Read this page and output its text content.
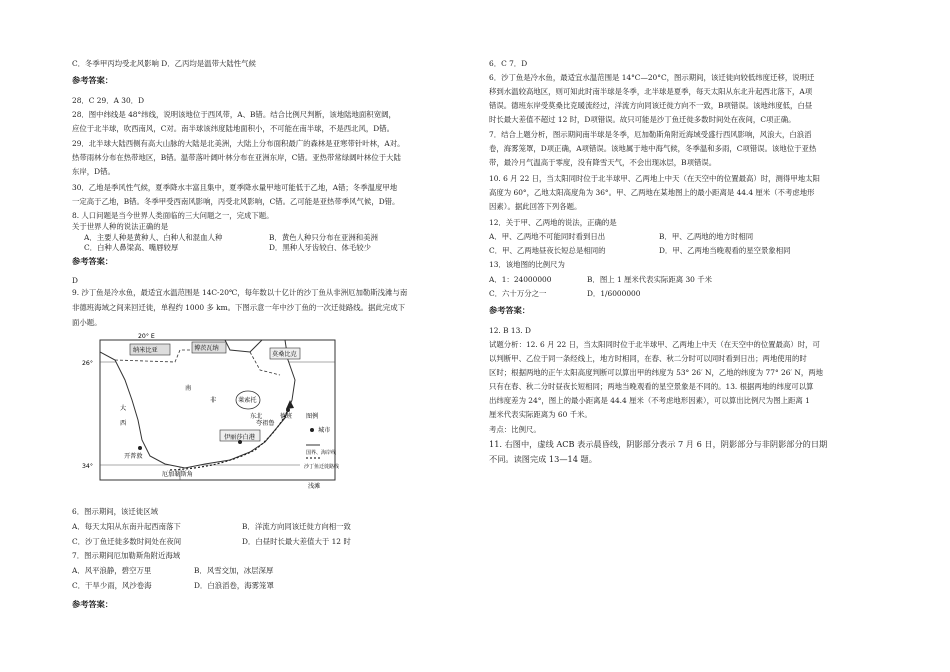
C．冬季甲丙均受北风影响 D．乙丙均是温带大陆性气候
参考答案：
28．C 29．A 30．D
28．图中纬线是 48°纬线，说明该地位于西风带，A、B错。结合比例尺判断，该地陆地面积宽阔，
应位于北半球，吹西南风，C对。南半球该纬度陆地面积小，不可能在南半球，不是西北风，D错。
29．北半球大陆西侧有高大山脉的大陆是北美洲，大陆上分布面积最广的森林是亚寒带针叶林，A对。
热带雨林分布在热带地区，B错。温带落叶阔叶林分布在亚洲东岸，C错。亚热带常绿阔叶林位于大陆
东岸，D错。
30．乙地是季风性气候，夏季降水丰富且集中，夏季降水量甲地可能低于乙地，A错；冬季温度甲地
一定高于乙地，B错。冬季甲受西南风影响，丙受北风影响，C错。乙可能是亚热带季风气候，D错。
8. 人口问题是当今世界人类面临的三大问题之一，完成下题。
关于世界人种的说法正确的是
A．主要人种是黄种人、白种人和混血人种	B．黄色人种只分布在亚洲和美洲
C．白种人鼻梁高、嘴唇较厚	D．黑种人牙齿较白、体毛较少
参考答案：
D
9. 沙丁鱼是冷水鱼，最适宜水温范围是 14C-20℃，每年数以十亿计的沙丁鱼从非洲厄加勒斯浅滩与南
非德班海域之间来回迁徙，单程约 1000 多 km。下图示意一年中沙丁鱼的一次迁徙路线。据此完成下
面小题。
6．图示期间，该迁徙区域
A．每天太阳从东南升起西南落下	B．洋流方向同该迁徙方向相一致
C．沙丁鱼迁徙多数时间处在夜间	D．白昼时长最大差值大于 12 时
7．图示期间厄加勒斯角附近海域
A．风平浪静，碧空万里	B．风雪交加，冰层深厚
C．干旱少雨，风沙卷海	D．白浪滔卷，海雾笼罩
参考答案：
20° E
26°
34°
纳米比亚	博茨瓦纳
莫桑比克
莱索托
南
非
大
西	夸祖鲁
德班
东北
伊丽莎白港
开普敦
厄加勒斯角
浅滩
图例
城市
国界、海岸线
沙丁鱼迁徙路线
6．C 7．D
6．沙丁鱼是冷水鱼，最适宜水温范围是 14°C—20°C，图示期间，该迁徙向较低纬度迁移，说明迁
移到水温较高地区，则可知此时南半球是冬季，北半球是夏季，每天太阳从东北升起西北落下，A项
错误。德班东岸受莫桑比克暖流经过，洋流方向同该迁徙方向不一致，B项错误。该地纬度低，白昼
时长最大差值不超过 12 时，D项错误。故只可能是沙丁鱼迁徙多数时间处在夜间，C项正确。
7．结合上题分析，图示期间南半球是冬季，厄加勒斯角附近海域受盛行西风影响，风浪大，白浪滔
卷，海雾笼罩，D项正确，A项错误。该地属于地中海气候，冬季温和多雨，C项错误。该地位于亚热
带，最冷月气温高于零度，没有降雪天气，不会出现冰层，B项错误。
10. 6 月 22 日，当太阳同时位于北半球甲、乙两地上中天（在天空中的位置最高）时，测得甲地太阳
高度为 60°，乙地太阳高度角为 36°。甲、乙两地在某地图上的最小距离是 44.4 厘米（不考虑地形
因素）。据此回答下列各题。
12．关于甲、乙两地的说法，正确的是
A．甲、乙两地不可能同时看到日出	B．甲、乙两地的地方时相同
C．甲、乙两地昼夜长短总是相同的	D．甲、乙两地当晚观看的星空景象相同
13．该地图的比例尺为
A．1：24000000	B．图上 1 厘米代表实际距离 30 千米
C．六十万分之一	D．1/6000000
参考答案：
12. B 13. D
试题分析：12. 6 月 22 日，当太阳同时位于北半球甲、乙两地上中天（在天空中的位置最高）时，可
以判断甲、乙位于同一条经线上，地方时相同，在春、秋二分时可以同时看到日出；两地使用的时
区时；根据两地的正午太阳高度判断可以算出甲的纬度为 53° 26′ N，乙地的纬度为 77° 26′ N，两地
只有在春、秋二分时昼夜长短相同；两地当晚观看的星空景象是不同的。13. 根据两地的纬度可以算
出纬度差为 24°，图上的最小距离是 44.4 厘米（不考虑地形因素），可以算出比例尺为图上距离 1
厘米代表实际距离为 60 千米。
考点：比例尺。
11. 右图中，虚线 ACB 表示晨昏线，阴影部分表示 7 月 6 日，阴影部分与非阴影部分的日期
不同。读图完成 13—14 题。
